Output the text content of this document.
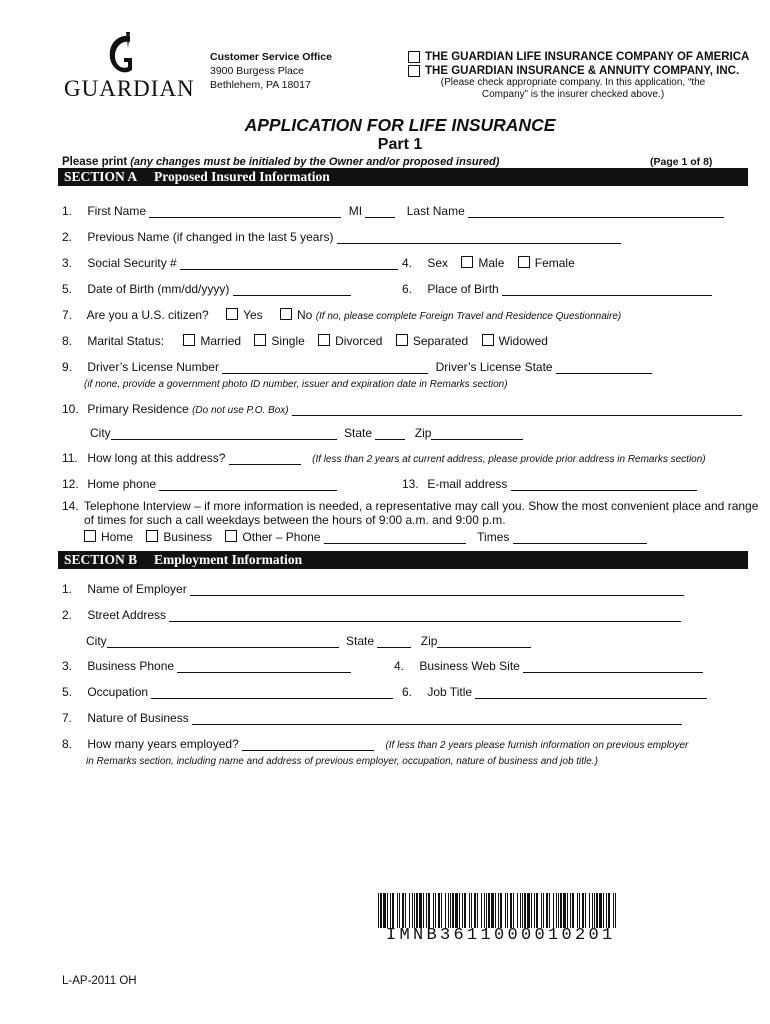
GUARDIAN
Customer Service Office
3900 Burgess Place
Bethlehem, PA 18017
THE GUARDIAN LIFE INSURANCE COMPANY OF AMERICA
THE GUARDIAN INSURANCE & ANNUITY COMPANY, INC.
(Please check appropriate company. In this application, “the
Company” is the insurer checked above.)
APPLICATION FOR LIFE INSURANCE
Part 1
Please print (any changes must be initialed by the Owner and/or proposed insured)	(Page 1 of 8)
SECTION A Proposed Insured Information
1. First Name	MI	Last Name
2. Previous Name (if changed in the last 5 years)
3. Social Security #	4. Sex	Male	Female
5. Date of Birth (mm/dd/yyyy)	6. Place of Birth
7. Are you a U.S. citizen?	Yes	No (If no, please complete Foreign Travel and Residence Questionnaire)
8. Marital Status:	Married	Single	Divorced	Separated	Widowed
9. Driver’s License Number	Driver’s License State
(if none, provide a government photo ID number, issuer and expiration date in Remarks section)
10. Primary Residence (Do not use P.O. Box)
City	State	Zip
11. How long at this address?	(If less than 2 years at current address, please provide prior address in Remarks section)
12. Home phone	13. E-mail address
14. Telephone Interview – if more information is needed, a representative may call you. Show the most convenient place and range
of times for such a call weekdays between the hours of 9:00 a.m. and 9:00 p.m.
Home	Business	Other – Phone	Times
SECTION B Employment Information
1. Name of Employer
2. Street Address
City	State	Zip
3. Business Phone	4. Business Web Site
5. Occupation	6. Job Title
7. Nature of Business
8. How many years employed?	(If less than 2 years please furnish information on previous employer
in Remarks section, including name and address of previous employer, occupation, nature of business and job title.)
IMNB3611000010201
L-AP-2011 OH
